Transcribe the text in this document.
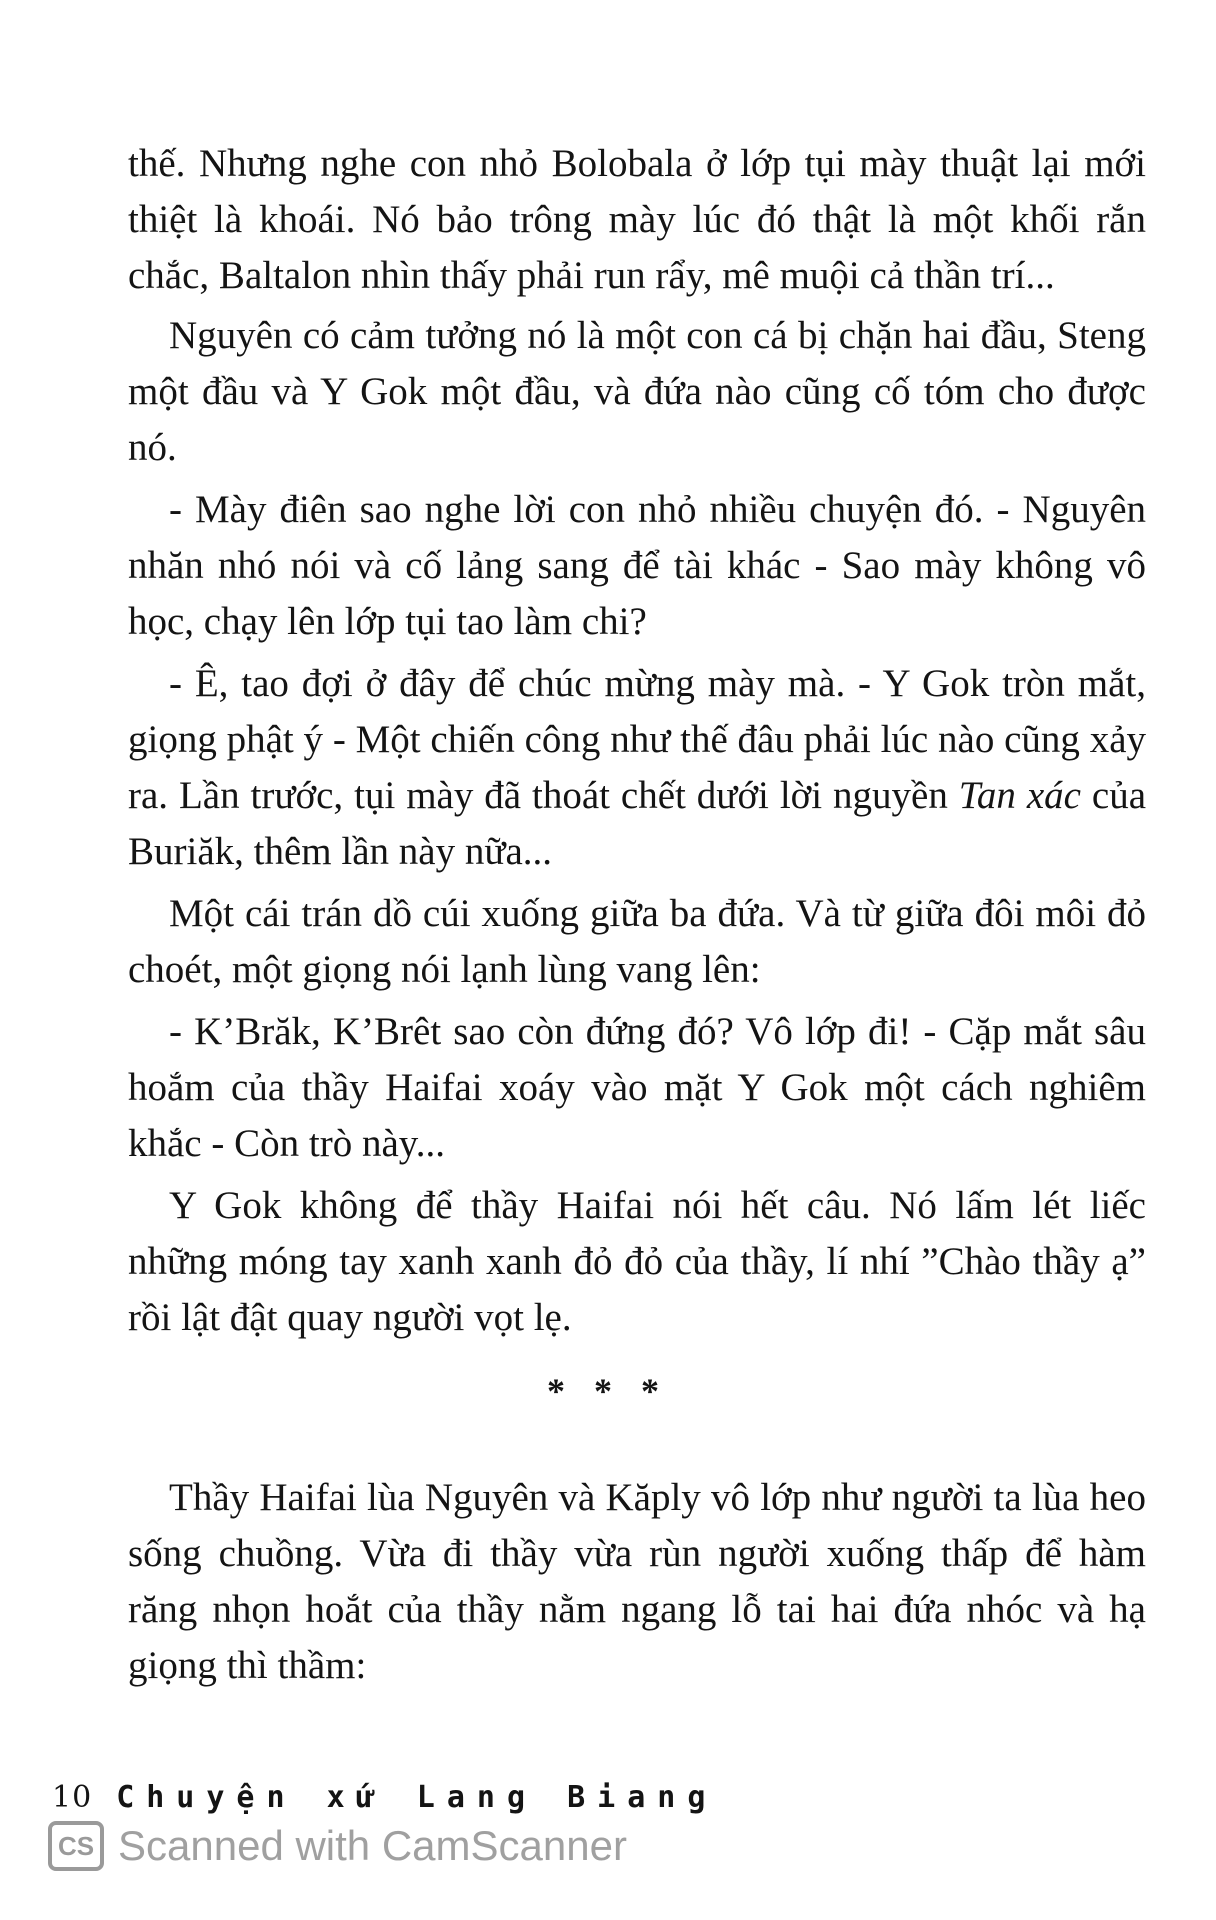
thế. Nhưng nghe con nhỏ Bolobala ở lớp tụi mày thuật lại mới thiệt là khoái. Nó bảo trông mày lúc đó thật là một khối rắn chắc, Baltalon nhìn thấy phải run rẩy, mê muội cả thần trí...

Nguyên có cảm tưởng nó là một con cá bị chặn hai đầu, Steng một đầu và Y Gok một đầu, và đứa nào cũng cố tóm cho được nó.

- Mày điên sao nghe lời con nhỏ nhiều chuyện đó. - Nguyên nhăn nhó nói và cố lảng sang để tài khác - Sao mày không vô học, chạy lên lớp tụi tao làm chi?

- Ê, tao đợi ở đây để chúc mừng mày mà. - Y Gok tròn mắt, giọng phật ý - Một chiến công như thế đâu phải lúc nào cũng xảy ra. Lần trước, tụi mày đã thoát chết dưới lời nguyền Tan xác của Buriăk, thêm lần này nữa...

Một cái trán dồ cúi xuống giữa ba đứa. Và từ giữa đôi môi đỏ choét, một giọng nói lạnh lùng vang lên:

- K’Brăk, K’Brêt sao còn đứng đó? Vô lớp đi! - Cặp mắt sâu hoắm của thầy Haifai xoáy vào mặt Y Gok một cách nghiêm khắc - Còn trò này...

Y Gok không để thầy Haifai nói hết câu. Nó lấm lét liếc những móng tay xanh xanh đỏ đỏ của thầy, lí nhí ”Chào thầy ạ” rồi lật đật quay người vọt lẹ.

* * *

Thầy Haifai lùa Nguyên và Kăply vô lớp như người ta lùa heo sống chuồng. Vừa đi thầy vừa rùn người xuống thấp để hàm răng nhọn hoắt của thầy nằm ngang lỗ tai hai đứa nhóc và hạ giọng thì thầm:

10 Chuyện xứ Lang Biang
CS Scanned with CamScanner
